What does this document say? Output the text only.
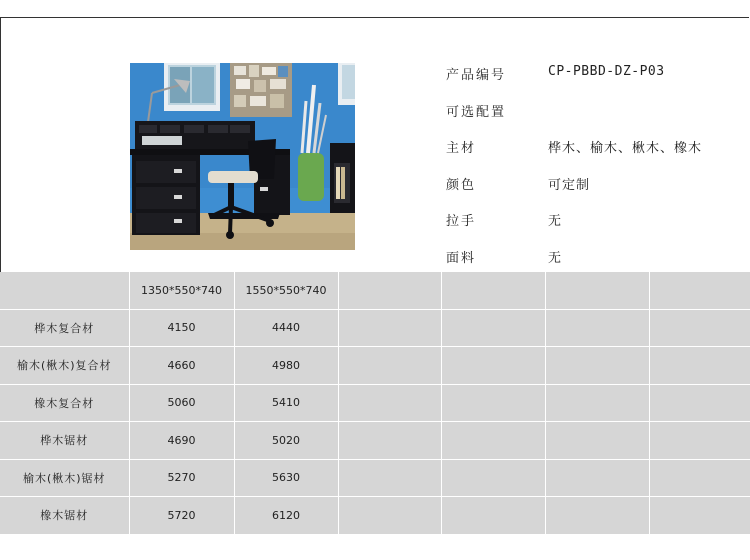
产品编号	CP-PBBD-DZ-P03
可选配置
主材	桦木、榆木、楸木、橡木
颜色	可定制
拉手	无
面料	无
	1350*550*740	1550*550*740					
桦木复合材	4150	4440					
榆木(楸木)复合材	4660	4980					
橡木复合材	5060	5410					
桦木锯材	4690	5020					
榆木(楸木)锯材	5270	5630					
橡木锯材	5720	6120					
